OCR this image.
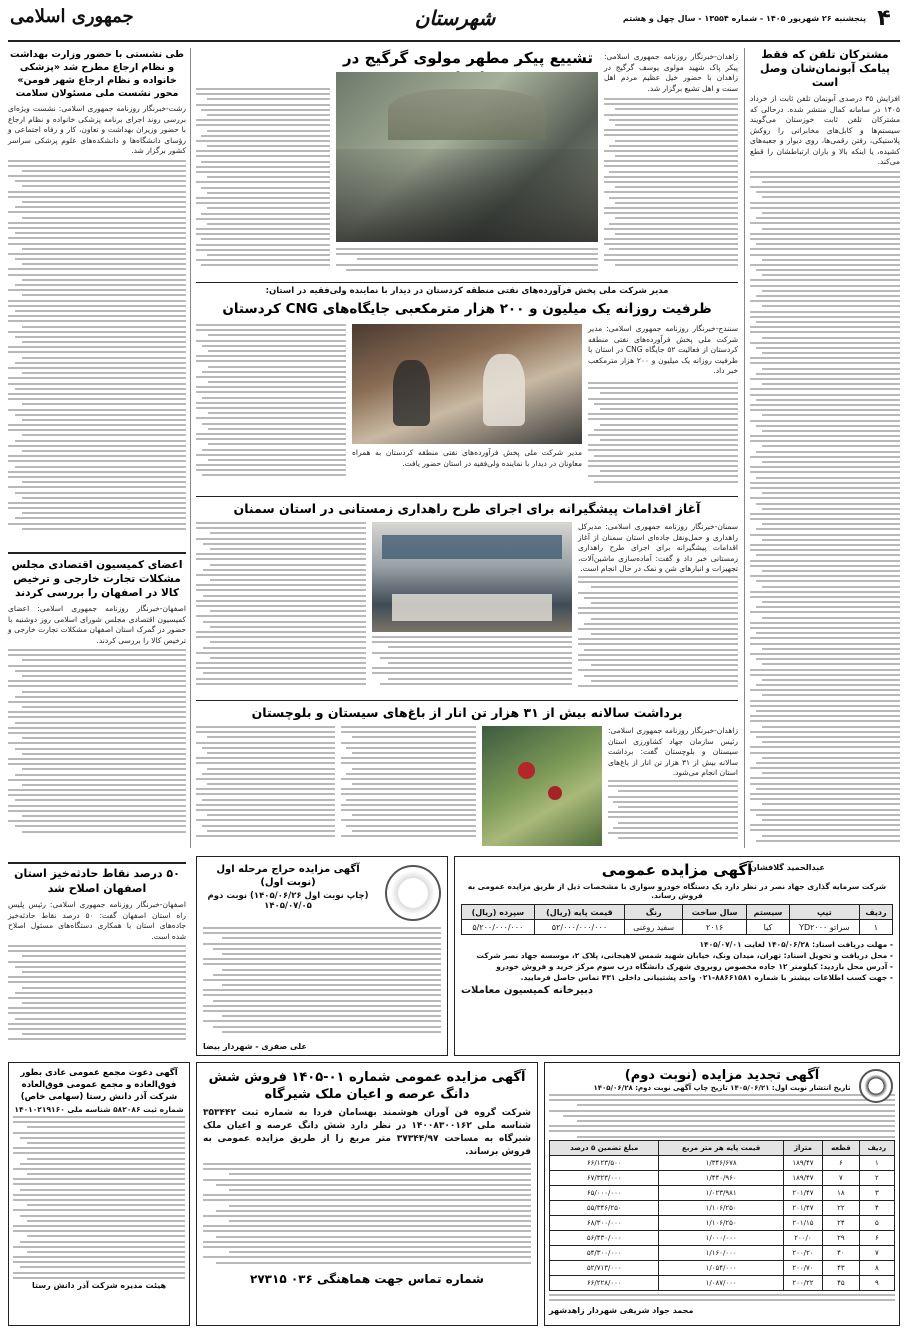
۴
پنجشنبه ۲۶ شهریور ۱۴۰۵ - شماره ۱۳۵۵۴ - سال چهل و هشتم
شهرستان
جمهوری اسلامی
مشترکان تلفن که فقط پیامک آبونمان‌شان وصل است
افزایش ۳۵ درصدی آبونمان تلفن ثابت از خرداد ۱۴۰۵ در سامانه کمال منتشر شده. درحالی که مشترکان تلفن ثابت خوزستان می‌گویند سیستم‌ها و کابل‌های مخابراتی را روکش پلاستیکی، رفتن رقمی‌ها، روی دیوار و جعبه‌های کشیده، یا اینکه بالا و باران ارتباطشان را قطع می‌کند.
عبدالحمید گلافشان
تشییع پیکر مطهر مولوی گرگیج در	زاهدان-خبرنگار روزنامه جمهوری اسلامی: پیکر پاک شهید مولوی یوسف گرگیج در زاهدان با حضور خیل عظیم مردم اهل سنت و اهل تشیع برگزار شد.
طی نشستی با حضور وزارت بهداشت و نظام ارجاع مطرح شد «پزشکی خانواده و نظام ارجاع شهر فومن» محور نشست ملی مسئولان سلامت
رشت-خبرنگار روزنامه جمهوری اسلامی: نشست ویژه‌ای بررسی روند اجرای برنامه پزشکی خانواده و نظام ارجاع با حضور وزیران بهداشت و تعاون، کار و رفاه اجتماعی و رؤسای دانشگاه‌ها و دانشکده‌های علوم پزشکی سراسر کشور برگزار شد.
مدیر شرکت ملی پخش فرآورده‌های نفتی منطقه کردستان در دیدار با نماینده ولی‌فقیه در استان:
ظرفیت روزانه یک میلیون و ۲۰۰ هزار مترمکعبی جایگاه‌های CNG کردستان
سنندج-خبرنگار روزنامه جمهوری اسلامی: مدیر شرکت ملی پخش فرآورده‌های نفتی منطقه کردستان از فعالیت ۵۲ جایگاه CNG در استان با ظرفیت روزانه یک میلیون و ۲۰۰ هزار مترمکعب خبر داد.
مدیر شرکت ملی پخش فرآورده‌های نفتی منطقه کردستان به همراه معاونان در دیدار با نماینده ولی‌فقیه در استان حضور یافت.
آغاز اقدامات پیشگیرانه برای اجرای طرح راهداری زمستانی در استان سمنان
سمنان-خبرنگار روزنامه جمهوری اسلامی: مدیرکل راهداری و حمل‌ونقل جاده‌ای استان سمنان از آغاز اقدامات پیشگیرانه برای اجرای طرح راهداری زمستانی خبر داد و گفت: آماده‌سازی ماشین‌آلات، تجهیزات و انبارهای شن و نمک در حال انجام است.
اعضای کمیسیون اقتصادی مجلس مشکلات تجارت خارجی و ترخیص کالا در اصفهان را بررسی کردند
اصفهان-خبرنگار روزنامه جمهوری اسلامی: اعضای کمیسیون اقتصادی مجلس شورای اسلامی روز دوشنبه با حضور در گمرک استان اصفهان مشکلات تجارت خارجی و ترخیص کالا را بررسی کردند.
برداشت سالانه بیش از ۳۱ هزار تن انار از باغ‌های سیستان و بلوچستان
زاهدان-خبرنگار روزنامه جمهوری اسلامی: رئیس سازمان جهاد کشاورزی استان سیستان و بلوچستان گفت: برداشت سالانه بیش از ۳۱ هزار تن انار از باغ‌های استان انجام می‌شود.
آگهی مزایده عمومی
شرکت سرمایه گذاری جهاد نصر در نظر دارد یک دستگاه خودرو سواری با مشخصات ذیل از طریق مزایده عمومی به فروش رساند.
ردیف	تیپ	سیستم	سال ساخت	رنگ	قیمت پایه (ریال)	سپرده (ریال)
۱	سراتو YD۲۰۰۰	کیا	۲۰۱۶	سفید روغنی	۵۲/۰۰۰/۰۰۰/۰۰۰	۵/۲۰۰/۰۰۰/۰۰۰
- مهلت دریافت اسناد: ۱۴۰۵/۰۶/۲۸ لغایت ۱۴۰۵/۰۷/۰۱
- محل دریافت و تحویل اسناد: تهران، میدان ونک، خیابان شهید شمس لاهیجانی، پلاک ۲، موسسه جهاد نصر شرکت
- آدرس محل بازدید: کیلومتر ۱۲ جاده مخصوص روبروی شهرک دانشگاه درب سوم مرکز خرید و فروش خودرو
- جهت کسب اطلاعات بیشتر با شماره ۸۸۶۶۱۵۸۱-۰۲۱ واحد پشتیبانی داخلی ۴۳۱ تماس حاصل فرمایید.
دبیرخانه کمیسیون معاملات
آگهی مزایده حراج مرحله اول (نوبت اول)
(چاپ نوبت اول ۱۴۰۵/۰۶/۲۶) نوبت دوم ۱۴۰۵/۰۷/۰۵
علی صفری - شهردار بیضا
۵۰ درصد نقاط حادثه‌خیز استان اصفهان اصلاح شد
اصفهان-خبرنگار روزنامه جمهوری اسلامی: رئیس پلیس راه استان اصفهان گفت: ۵۰ درصد نقاط حادثه‌خیز جاده‌های استان با همکاری دستگاه‌های مسئول اصلاح شده است.
آگهی تجدید مزایده (نوبت دوم)
تاریخ انتشار نوبت اول: ۱۴۰۵/۰۶/۲۱ تاریخ چاپ آگهی نوبت دوم: ۱۴۰۵/۰۶/۲۸
ردیف	قطعه	متراژ	قیمت پایه هر متر مربع	مبلغ تضمین ۵ درصد
۱	۶	۱۸۹/۴۷	۱/۳۴۶/۶۷۸	۶۶/۱۲۳/۵۰۰
۲	۷	۱۸۹/۴۷	۱/۴۴۰/۹۶۰	۶۷/۳۲۳/۰۰۰
۳	۱۸	۲۰۱/۴۷	۱/۰۲۳/۹۸۱	۶۵/۰۰۰/۰۰۰
۴	۲۲	۲۰۱/۴۷	۱/۱۰۶/۲۵۰	۵۵/۳۴۶/۲۵۰
۵	۲۴	۲۰۱/۱۵	۱/۱۰۶/۲۵۰	۶۸/۳۰۰/۰۰۰
۶	۲۹	۲۰۰/۰	۱/۰۰۰/۰۰۰	۵۶/۴۳۰/۰۰۰
۷	۴۰	۲۰۰/۲۰	۱/۱۶۰/۰۰۰	۵۴/۳۰۰/۰۰۰
۸	۴۳	۲۰۰/۷۰	۱/۰۵۴/۰۰۰	۵۲/۷۱۳/۰۰۰
۹	۴۵	۲۰۰/۲۲	۱/۰۸۷/۰۰۰	۶۶/۲۲۸/۰۰۰
محمد جواد شریفی شهردار زاهدشهر
آگهی مزایده عمومی شماره ۰۱-۱۴۰۵ فروش شش دانگ عرصه و اعیان ملک شیرگاه
شرکت گروه فن آوران هوشمند بهسامان فردا به شماره ثبت ۳۵۳۴۴۲ شناسه ملی ۱۴۰۰۸۳۰۰۱۶۲ در نظر دارد شش دانگ عرصه و اعیان ملک شیرگاه به مساحت ۳۷۳۴۴/۹۷ متر مربع را از طریق مزایده عمومی به فروش برساند.
شماره تماس جهت هماهنگی ۰۳۶ ۲۷۳۱۵
آگهی دعوت مجمع عمومی عادی بطور فوق‌العاده و مجمع عمومی فوق‌العاده شرکت آذر دانش رستا (سهامی خاص)
شماره ثبت ۵۸۲۰۸۶ شناسه ملی ۱۴۰۱۰۲۱۹۱۶۰
هیئت مدیره شرکت آذر دانش رستا
